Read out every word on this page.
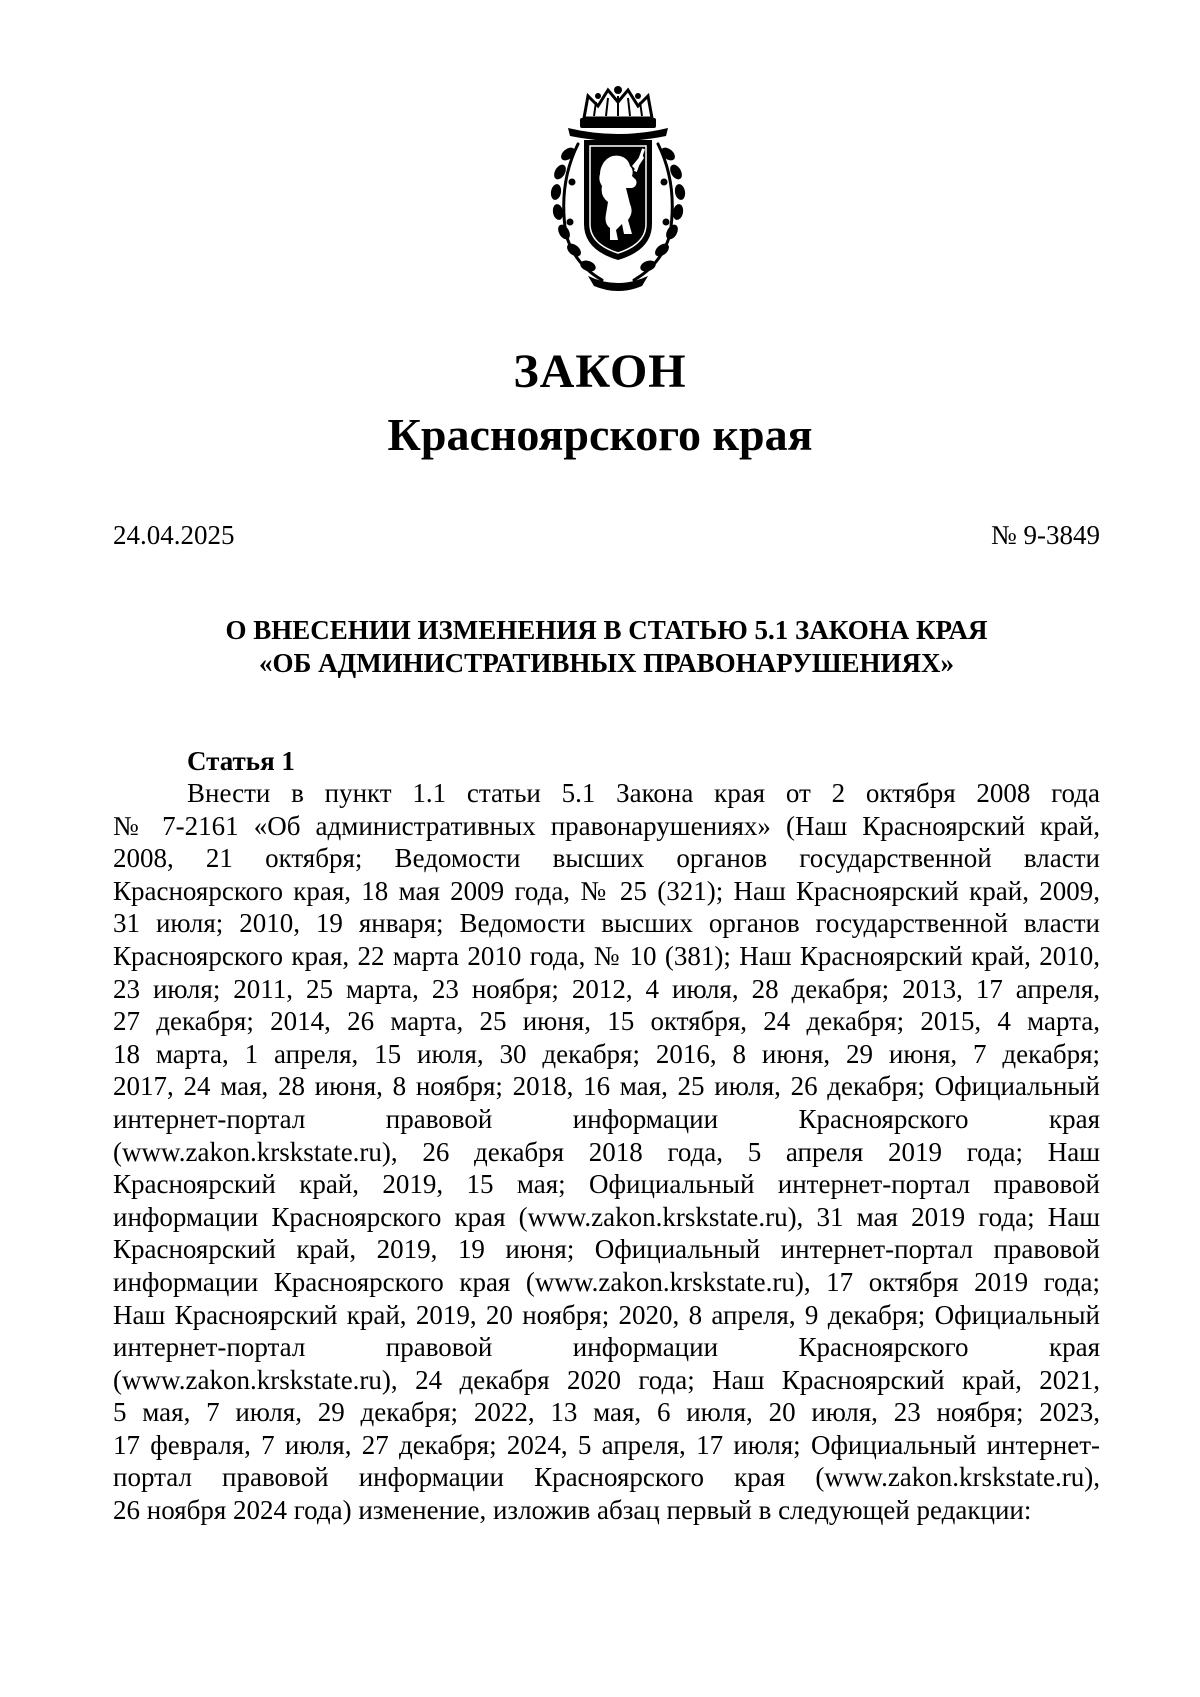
ЗАКОН
Красноярского края
24.04.2025	№ 9-3849
О ВНЕСЕНИИ ИЗМЕНЕНИЯ В СТАТЬЮ 5.1 ЗАКОНА КРАЯ
«ОБ АДМИНИСТРАТИВНЫХ ПРАВОНАРУШЕНИЯХ»
Статья 1
Внести в пункт 1.1 статьи 5.1 Закона края от 2 октября 2008 года
№ 7-2161 «Об административных правонарушениях» (Наш Красноярский край,
2008, 21 октября; Ведомости высших органов государственной власти
Красноярского края, 18 мая 2009 года, № 25 (321); Наш Красноярский край, 2009,
31 июля; 2010, 19 января; Ведомости высших органов государственной власти
Красноярского края, 22 марта 2010 года, № 10 (381); Наш Красноярский край, 2010,
23 июля; 2011, 25 марта, 23 ноября; 2012, 4 июля, 28 декабря; 2013, 17 апреля,
27 декабря; 2014, 26 марта, 25 июня, 15 октября, 24 декабря; 2015, 4 марта,
18 марта, 1 апреля, 15 июля, 30 декабря; 2016, 8 июня, 29 июня, 7 декабря;
2017, 24 мая, 28 июня, 8 ноября; 2018, 16 мая, 25 июля, 26 декабря; Официальный
интернет-портал правовой информации Красноярского края
(www.zakon.krskstate.ru), 26 декабря 2018 года, 5 апреля 2019 года; Наш
Красноярский край, 2019, 15 мая; Официальный интернет-портал правовой
информации Красноярского края (www.zakon.krskstate.ru), 31 мая 2019 года; Наш
Красноярский край, 2019, 19 июня; Официальный интернет-портал правовой
информации Красноярского края (www.zakon.krskstate.ru), 17 октября 2019 года;
Наш Красноярский край, 2019, 20 ноября; 2020, 8 апреля, 9 декабря; Официальный
интернет-портал правовой информации Красноярского края
(www.zakon.krskstate.ru), 24 декабря 2020 года; Наш Красноярский край, 2021,
5 мая, 7 июля, 29 декабря; 2022, 13 мая, 6 июля, 20 июля, 23 ноября; 2023,
17 февраля, 7 июля, 27 декабря; 2024, 5 апреля, 17 июля; Официальный интернет-
портал правовой информации Красноярского края (www.zakon.krskstate.ru),
26 ноября 2024 года) изменение, изложив абзац первый в следующей редакции:
